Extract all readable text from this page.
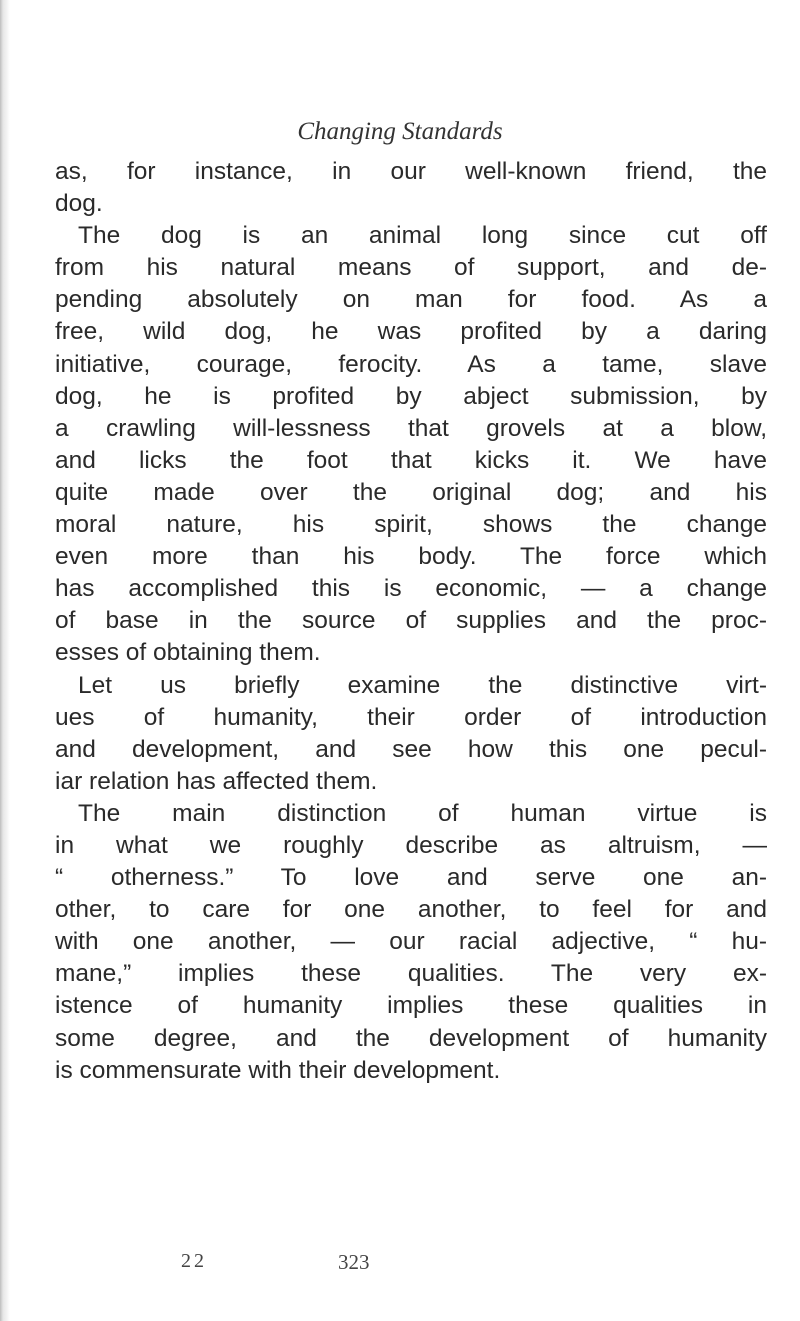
Changing Standards
as, for instance, in our well-known friend, the
dog.
The dog is an animal long since cut off
from his natural means of support, and de-
pending absolutely on man for food. As a
free, wild dog, he was profited by a daring
initiative, courage, ferocity. As a tame, slave
dog, he is profited by abject submission, by
a crawling will-lessness that grovels at a blow,
and licks the foot that kicks it. We have
quite made over the original dog; and his
moral nature, his spirit, shows the change
even more than his body. The force which
has accomplished this is economic, — a change
of base in the source of supplies and the proc-
esses of obtaining them.
Let us briefly examine the distinctive virt-
ues of humanity, their order of introduction
and development, and see how this one pecul-
iar relation has affected them.
The main distinction of human virtue is
in what we roughly describe as altruism, —
“ otherness.” To love and serve one an-
other, to care for one another, to feel for and
with one another, — our racial adjective, “ hu-
mane,” implies these qualities. The very ex-
istence of humanity implies these qualities in
some degree, and the development of humanity
is commensurate with their development.
22	323
